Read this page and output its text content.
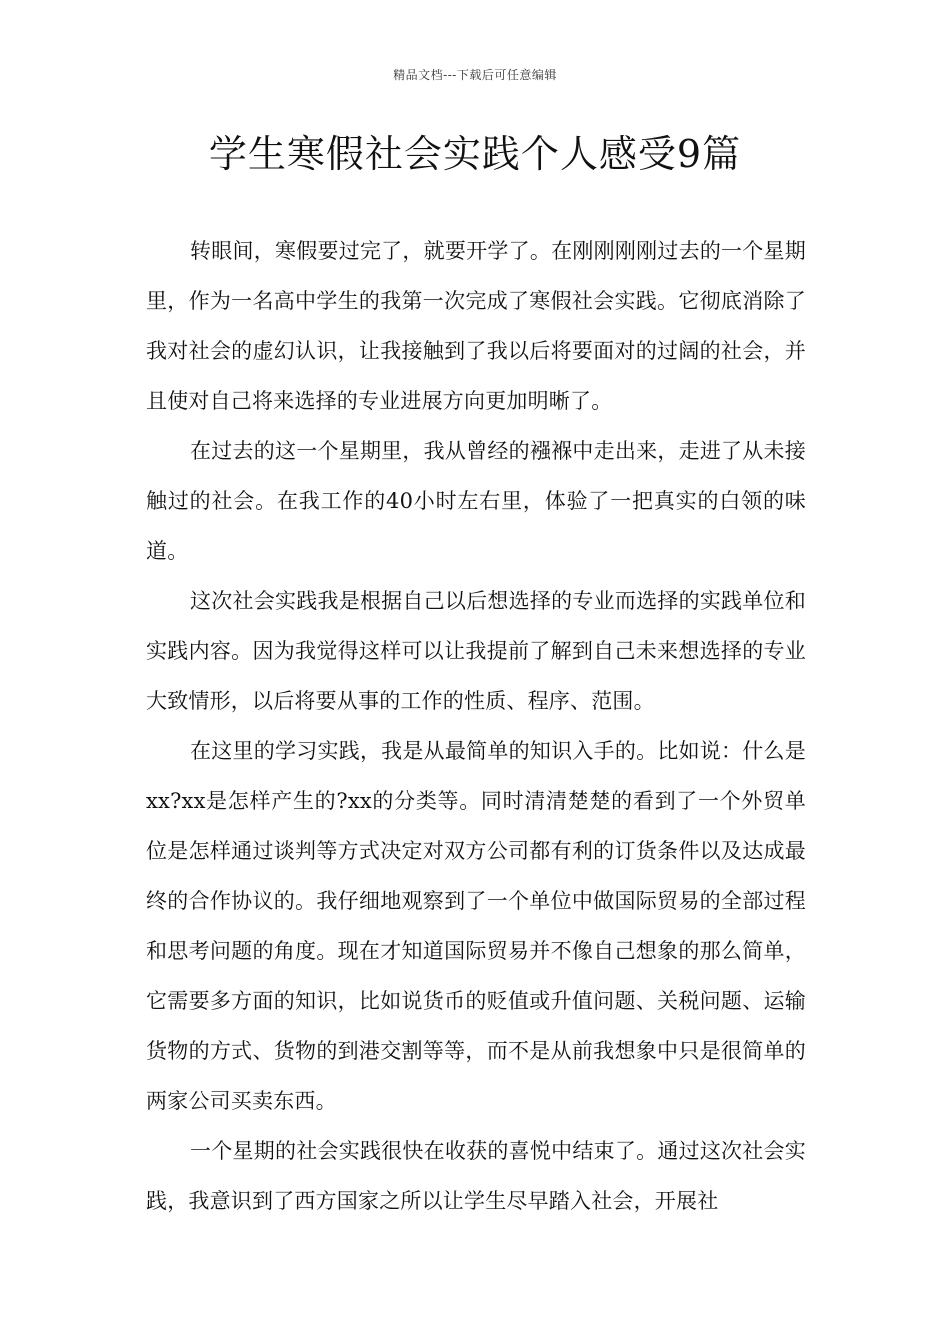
精品文档---下载后可任意编辑
学生寒假社会实践个人感受9篇

转眼间，寒假要过完了，就要开学了。在刚刚刚刚过去的一个星期里，作为一名高中学生的我第一次完成了寒假社会实践。它彻底消除了我对社会的虚幻认识，让我接触到了我以后将要面对的过阔的社会，并且使对自己将来选择的专业进展方向更加明晰了。

在过去的这一个星期里，我从曾经的襁褓中走出来，走进了从未接触过的社会。在我工作的40小时左右里，体验了一把真实的白领的味道。

这次社会实践我是根据自己以后想选择的专业而选择的实践单位和实践内容。因为我觉得这样可以让我提前了解到自己未来想选择的专业大致情形，以后将要从事的工作的性质、程序、范围。

在这里的学习实践，我是从最简单的知识入手的。比如说：什么是xx?xx是怎样产生的?xx的分类等。同时清清楚楚的看到了一个外贸单位是怎样通过谈判等方式决定对双方公司都有利的订货条件以及达成最终的合作协议的。我仔细地观察到了一个单位中做国际贸易的全部过程和思考问题的角度。现在才知道国际贸易并不像自己想象的那么简单，它需要多方面的知识，比如说货币的贬值或升值问题、关税问题、运输货物的方式、货物的到港交割等等，而不是从前我想象中只是很简单的两家公司买卖东西。

一个星期的社会实践很快在收获的喜悦中结束了。通过这次社会实践，我意识到了西方国家之所以让学生尽早踏入社会，开展社
